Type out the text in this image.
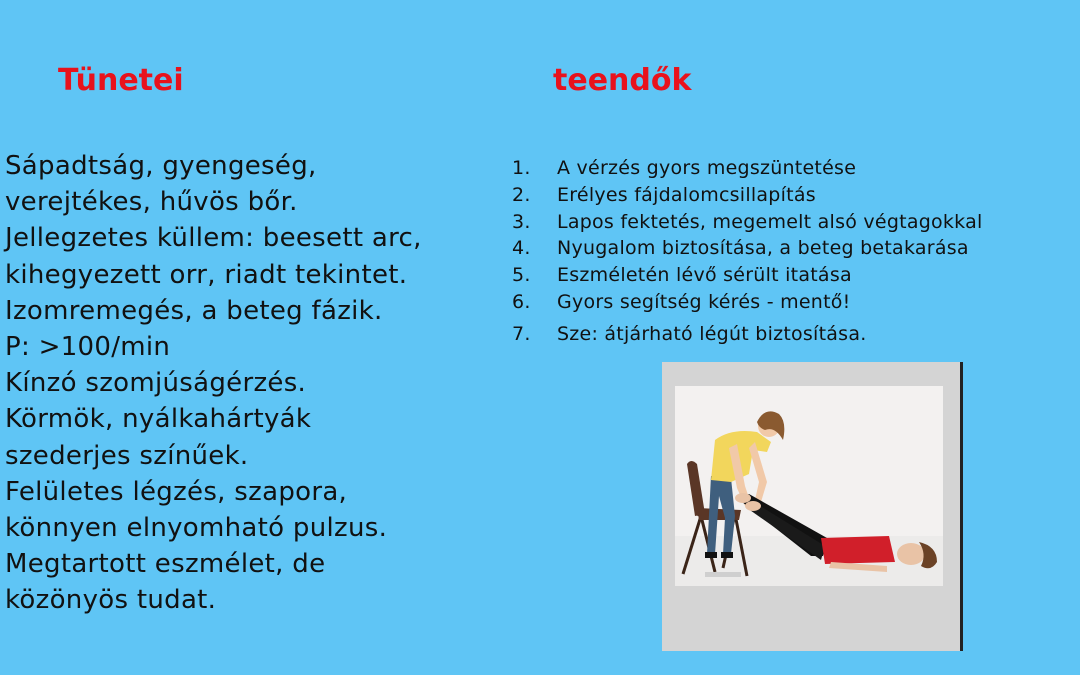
Tünetei	teendők
Sápadtság, gyengeség,
verejtékes, hűvös bőr.
Jellegzetes küllem: beesett arc,
kihegyezett orr, riadt tekintet.
Izomremegés, a beteg fázik.
P: >100/min
Kínzó szomjúságérzés.
Körmök, nyálkahártyák
szederjes színűek.
Felületes légzés, szapora,
könnyen elnyomható pulzus.
Megtartott eszmélet, de
közönyös tudat.
1.	A vérzés gyors megszüntetése
2.	Erélyes fájdalomcsillapítás
3.	Lapos fektetés, megemelt alsó végtagokkal
4.	Nyugalom biztosítása, a beteg betakarása
5.	Eszméletén lévő sérült itatása
6.	Gyors segítség kérés - mentő!
7.	Sze: átjárható légút biztosítása.
